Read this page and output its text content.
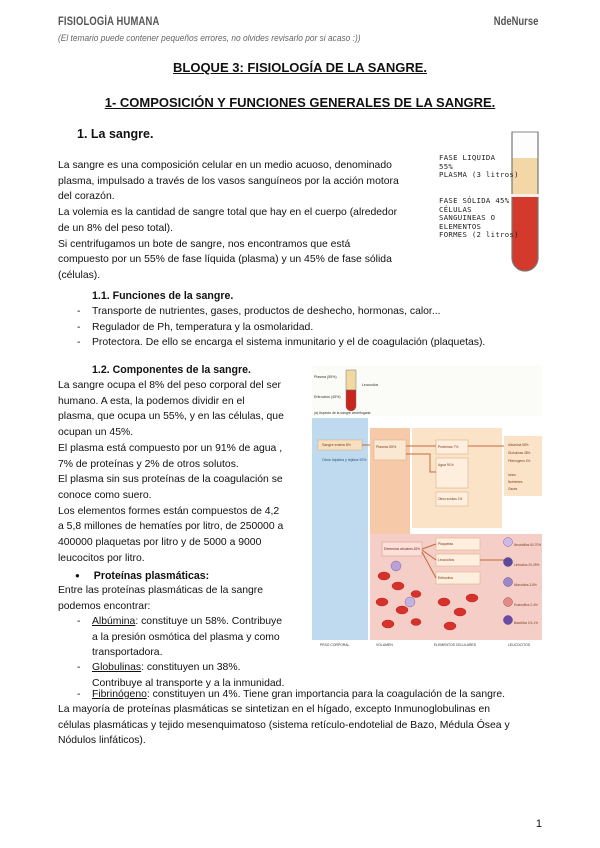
FISIOLOGÍA HUMANA	NdeNurse
(El temario puede contener pequeños errores, no olvides revisarlo por si acaso :))
BLOQUE 3: FISIOLOGÍA DE LA SANGRE.
1- COMPOSICIÓN Y FUNCIONES GENERALES DE LA SANGRE.
1. La sangre.
La sangre es una composición celular en un medio acuoso, denominado
plasma, impulsado a través de los vasos sanguíneos por la acción motora
del corazón.
La volemia es la cantidad de sangre total que hay en el cuerpo (alrededor
de un 8% del peso total).
Si centrifugamos un bote de sangre, nos encontramos que está
compuesto por un 55% de fase líquida (plasma) y un 45% de fase sólida
(células).
FASE LIQUIDA
55%
PLASMA (3 litros)
FASE SÓLIDA 45%
CÉLULAS
SANGUINEAS O
ELEMENTOS
FORMES (2 litros)
1.1. Funciones de la sangre.
- Transporte de nutrientes, gases, productos de deshecho, hormonas, calor...
- Regulador de Ph, temperatura y la osmolaridad.
- Protectora. De ello se encarga el sistema inmunitario y el de coagulación (plaquetas).
1.2. Componentes de la sangre.
La sangre ocupa el 8% del peso corporal del ser
humano. A esta, la podemos dividir en el
plasma, que ocupa un 55%, y en las células, que
ocupan un 45%.
El plasma está compuesto por un 91% de agua ,
7% de proteínas y 2% de otros solutos.
El plasma sin sus proteínas de la coagulación se
conoce como suero.
Los elementos formes están compuestos de 4,2
a 5,8 millones de hematíes por litro, de 250000 a
400000 plaquetas por litro y de 5000 a 9000
leucocitos por litro.
● Proteínas plasmáticas:
Entre las proteínas plasmáticas de la sangre
podemos encontrar:
- Albúmina: constituye un 58%. Contribuye
a la presión osmótica del plasma y como
transportadora.
- Globulinas: constituyen un 38%.
Contribuye al transporte y a la inmunidad.
- Fibrinógeno: constituyen un 4%. Tiene gran importancia para la coagulación de la sangre.
La mayoría de proteínas plasmáticas se sintetizan en el hígado, excepto Inmunoglobulinas en
células plasmáticas y tejido mesenquimatoso (sistema retículo-endotelial de Bazo, Médula Ósea y
Nódulos linfáticos).
Plasma (55%)
Eritrocitos (45%)
Leucocitos
(a) Aspecto de la sangre centrifugada
Sangre entera 8%
Otros líquidos y tejidos 92%
Plasma 55%	Proteínas 7%
Agua 91%
Otros solutos 1%
Elementos celulares 45%
Plaquetas
Leucocitos
Eritrocitos
Albúmina 58%
Globulinas 38%
Fibrinógeno 4%
Iones
Nutrientes
Gases
Neutrófilos 60-70%
Linfocitos 20-25%
Monocitos 3-8%
Eosinófilos 2-4%
Basófilos 0,5-1%
PESO CORPORAL	VOLUMEN	ELEMENTOS CELULARES	LEUCOCITOS
1
